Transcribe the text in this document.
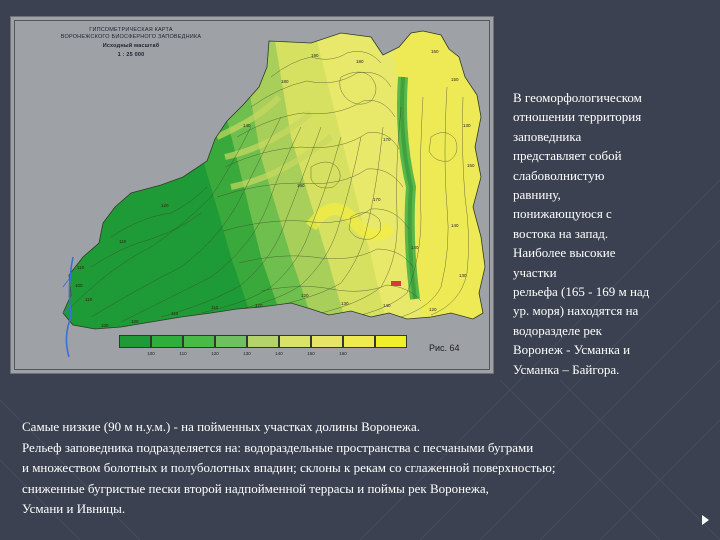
ГИПСОМЕТРИЧЕСКАЯ КАРТА
ВОРОНЕЖСКОГО БИОСФЕРНОГО ЗАПОВЕДНИКА
Исходный масштаб
1 : 25 000	190
180
160
150
130
150
140
130
120
140
130
120
120
110
110
100
100
110
110
100
110
120
180
140
160
170
170
140
100	110	120	130	140	150	160
Рис. 64
В геоморфологическом
отношении территория
заповедника
представляет собой
слабоволнистую
равнину,
понижающуюся с
востока на запад.
Наиболее высокие
участки
рельефа (165 - 169 м над
ур. моря) находятся на
водоразделе рек
Воронеж - Усманка и
Усманка – Байгора.
Самые низкие (90 м н.у.м.) - на пойменных участках долины Воронежа.
Рельеф заповедника подразделяется на: водораздельные пространства с песчаными буграми
и множеством болотных и полуболотных впадин; склоны к рекам со сглаженной поверхностью;
сниженные бугристые пески второй надпойменной террасы и поймы рек Воронежа,
Усмани и Ивницы.
